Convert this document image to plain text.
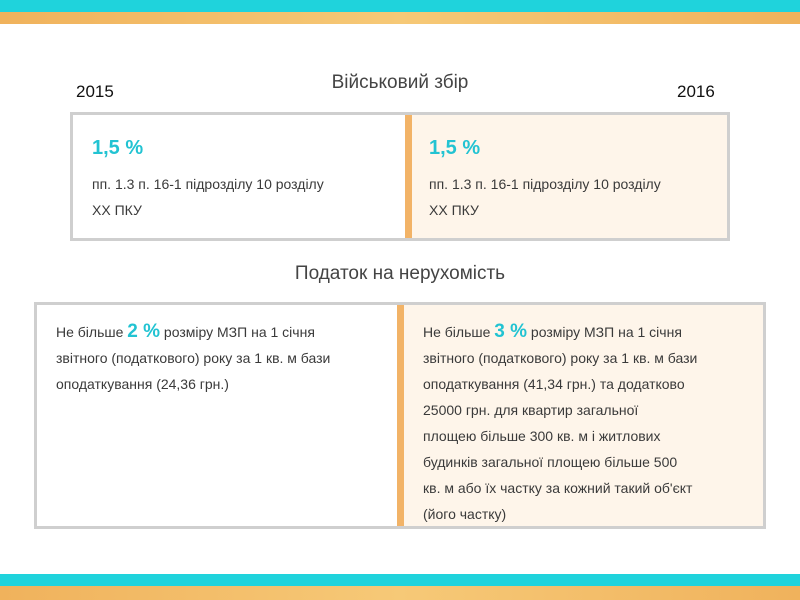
2015	2016
Військовий збір
1,5 %
пп. 1.3 п. 16-1 підрозділу 10 розділу
XX ПКУ
1,5 %
пп. 1.3 п. 16-1 підрозділу 10 розділу
XX ПКУ
Податок на нерухомість
Не більше 2 % розміру МЗП на 1 січня
звітного (податкового) року за 1 кв. м бази
оподаткування (24,36 грн.)
Не більше 3 % розміру МЗП на 1 січня
звітного (податкового) року за 1 кв. м бази
оподаткування (41,34 грн.) та додатково
25000 грн. для квартир загальної
площею більше 300 кв. м і житлових
будинків загальної площею більше 500
кв. м або їх частку за кожний такий об'єкт
(його частку)
